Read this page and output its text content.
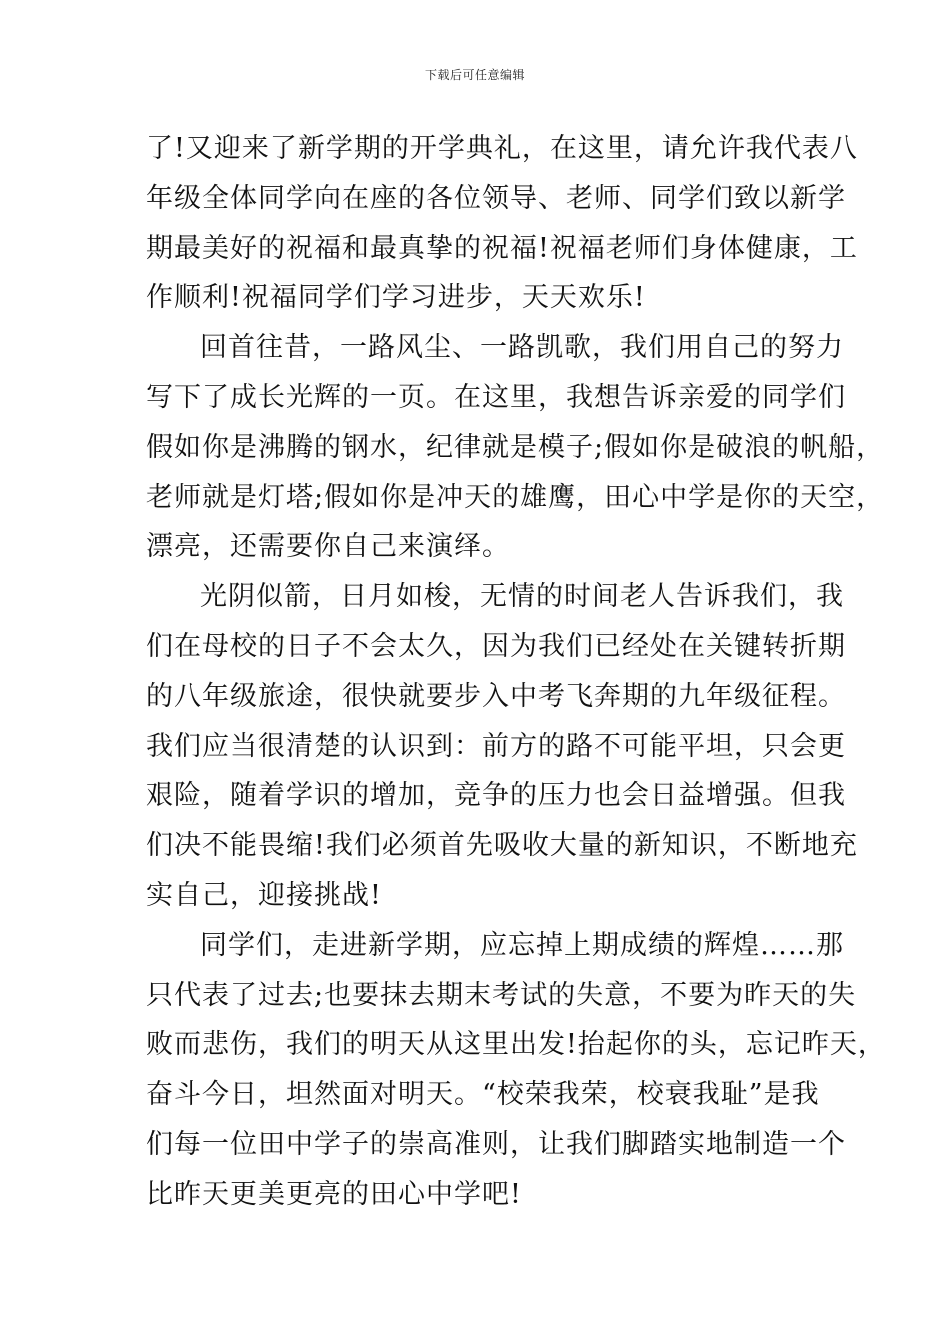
下载后可任意编辑
了!又迎来了新学期的开学典礼，在这里，请允许我代表八
年级全体同学向在座的各位领导、老师、同学们致以新学
期最美好的祝福和最真挚的祝福!祝福老师们身体健康，工
作顺利!祝福同学们学习进步，天天欢乐!
回首往昔，一路风尘、一路凯歌，我们用自己的努力
写下了成长光辉的一页。在这里，我想告诉亲爱的同学们
假如你是沸腾的钢水，纪律就是模子;假如你是破浪的帆船，
老师就是灯塔;假如你是冲天的雄鹰，田心中学是你的天空，
漂亮，还需要你自己来演绎。
光阴似箭，日月如梭，无情的时间老人告诉我们，我
们在母校的日子不会太久，因为我们已经处在关键转折期
的八年级旅途，很快就要步入中考飞奔期的九年级征程。
我们应当很清楚的认识到：前方的路不可能平坦，只会更
艰险，随着学识的增加，竞争的压力也会日益增强。但我
们决不能畏缩!我们必须首先吸收大量的新知识，不断地充
实自己，迎接挑战!
同学们，走进新学期，应忘掉上期成绩的辉煌……那
只代表了过去;也要抹去期末考试的失意，不要为昨天的失
败而悲伤，我们的明天从这里出发!抬起你的头，忘记昨天，
奋斗今日，坦然面对明天。“校荣我荣，校衰我耻”是我
们每一位田中学子的崇高准则，让我们脚踏实地制造一个
比昨天更美更亮的田心中学吧!
